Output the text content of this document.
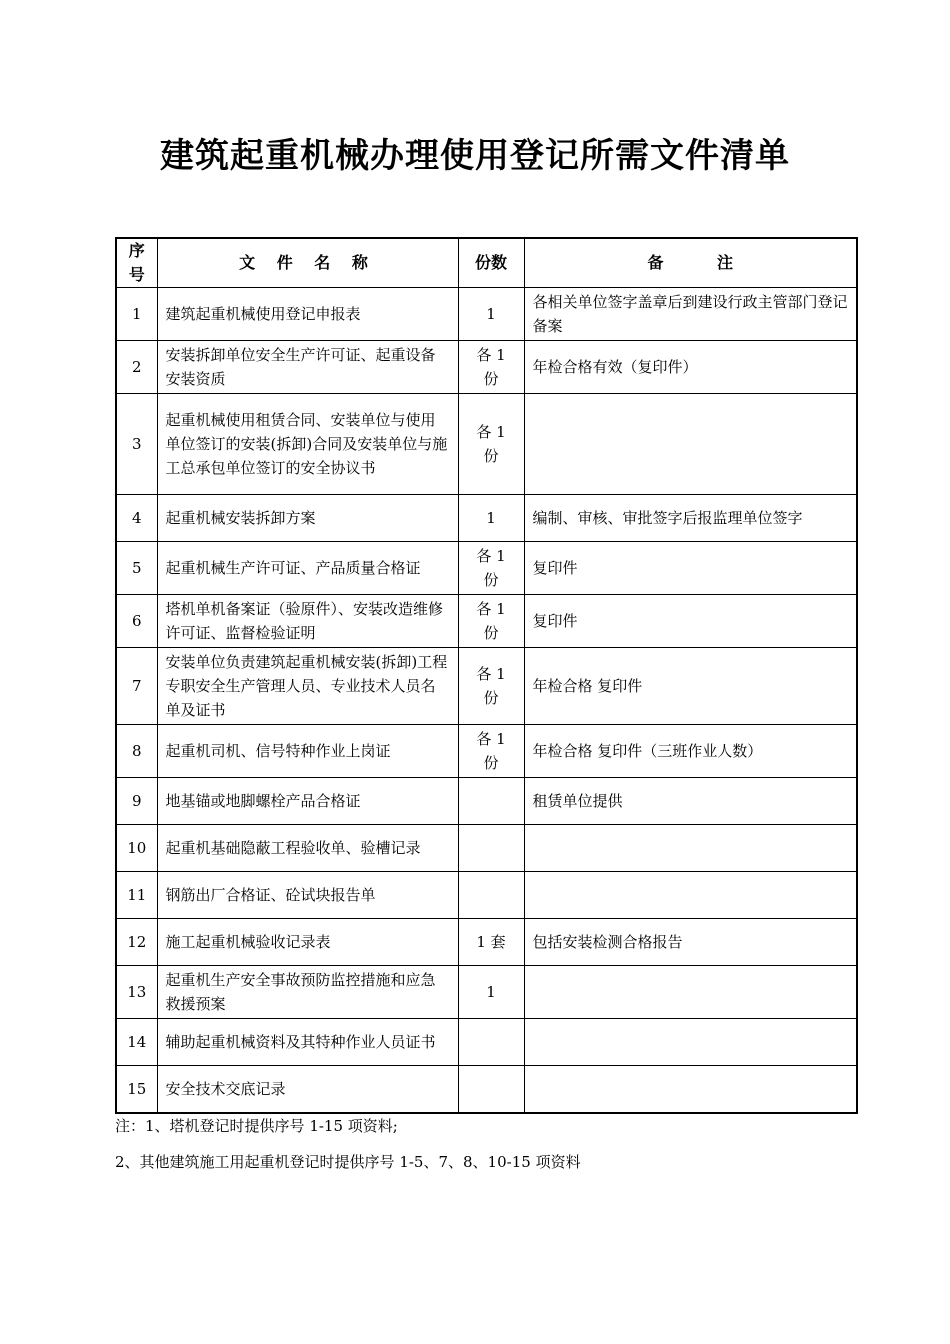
建筑起重机械办理使用登记所需文件清单
序号	文 件 名 称	份数	备 注
1	建筑起重机械使用登记申报表	1	各相关单位签字盖章后到建设行政主管部门登记备案
2	安装拆卸单位安全生产许可证、起重设备安装资质	各 1 份	年检合格有效（复印件）
3	起重机械使用租赁合同、安装单位与使用单位签订的安装(拆卸)合同及安装单位与施工总承包单位签订的安全协议书	各 1 份	
4	起重机械安装拆卸方案	1	编制、审核、审批签字后报监理单位签字
5	起重机械生产许可证、产品质量合格证	各 1 份	复印件
6	塔机单机备案证（验原件）、安装改造维修许可证、监督检验证明	各 1 份	复印件
7	安装单位负责建筑起重机械安装(拆卸)工程专职安全生产管理人员、专业技术人员名单及证书	各 1 份	年检合格 复印件
8	起重机司机、信号特种作业上岗证	各 1 份	年检合格 复印件（三班作业人数）
9	地基锚或地脚螺栓产品合格证		租赁单位提供
10	起重机基础隐蔽工程验收单、验槽记录		
11	钢筋出厂合格证、砼试块报告单		
12	施工起重机械验收记录表	1 套	包括安装检测合格报告
13	起重机生产安全事故预防监控措施和应急救援预案	1	
14	辅助起重机械资料及其特种作业人员证书		
15	安全技术交底记录		
注：1、塔机登记时提供序号 1-15 项资料;
2、其他建筑施工用起重机登记时提供序号 1-5、7、8、10-15 项资料
